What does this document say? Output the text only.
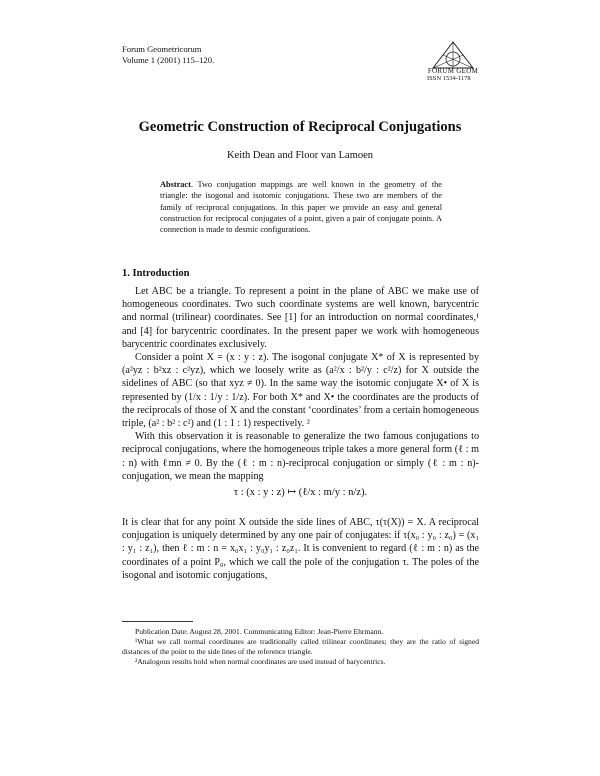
Forum Geometricorum
Volume 1 (2001) 115–120.
FORUM GEOM
ISSN 1534-1178
Geometric Construction of Reciprocal Conjugations
Keith Dean and Floor van Lamoen
Abstract. Two conjugation mappings are well known in the geometry of the triangle: the isogonal and isotomic conjugations. These two are members of the family of reciprocal conjugations. In this paper we provide an easy and general construction for reciprocal conjugates of a point, given a pair of conjugate points. A connection is made to desmic configurations.
1. Introduction

Let ABC be a triangle. To represent a point in the plane of ABC we make use of homogeneous coordinates. Two such coordinate systems are well known, barycentric and normal (trilinear) coordinates. See [1] for an introduction on normal coordinates,¹ and [4] for barycentric coordinates. In the present paper we work with homogeneous barycentric coordinates exclusively.

Consider a point X = (x : y : z). The isogonal conjugate X* of X is represented by (a²yz : b²xz : c²yz), which we loosely write as (a²/x : b²/y : c²/z) for X outside the sidelines of ABC (so that xyz ≠ 0). In the same way the isotomic conjugate X• of X is represented by (1/x : 1/y : 1/z). For both X* and X• the coordinates are the products of the reciprocals of those of X and the constant ‘coordinates’ from a certain homogeneous triple, (a² : b² : c²) and (1 : 1 : 1) respectively. ²

With this observation it is reasonable to generalize the two famous conjugations to reciprocal conjugations, where the homogeneous triple takes a more general form (ℓ : m : n) with ℓmn ≠ 0. By the (ℓ : m : n)-reciprocal conjugation or simply (ℓ : m : n)-conjugation, we mean the mapping

τ : (x : y : z) ↦ (ℓ/x : m/y : n/z).

It is clear that for any point X outside the side lines of ABC, τ(τ(X)) = X. A reciprocal conjugation is uniquely determined by any one pair of conjugates: if τ(x₀ : y₀ : z₀) = (x₁ : y₁ : z₁), then ℓ : m : n = x₀x₁ : y₀y₁ : z₀z₁. It is convenient to regard (ℓ : m : n) as the coordinates of a point P₀, which we call the pole of the conjugation τ. The poles of the isogonal and isotomic conjugations,

Publication Date: August 28, 2001. Communicating Editor: Jean-Pierre Ehrmann.
¹What we call normal coordinates are traditionally called trilinear coordinates; they are the ratio of signed distances of the point to the side lines of the reference triangle.
²Analogous results hold when normal coordinates are used instead of barycentrics.
